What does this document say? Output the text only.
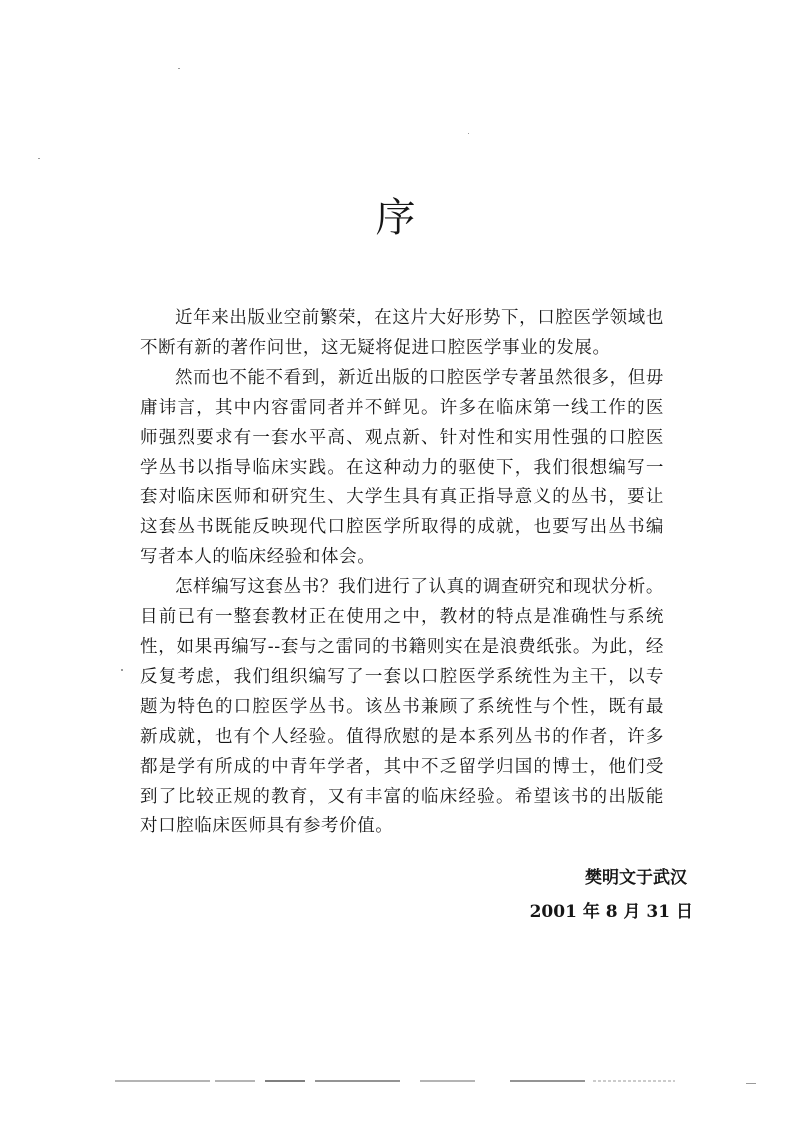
序

近年来出版业空前繁荣，在这片大好形势下，口腔医学领域也不断有新的著作问世，这无疑将促进口腔医学事业的发展。

然而也不能不看到，新近出版的口腔医学专著虽然很多，但毋庸讳言，其中内容雷同者并不鲜见。许多在临床第一线工作的医师强烈要求有一套水平高、观点新、针对性和实用性强的口腔医学丛书以指导临床实践。在这种动力的驱使下，我们很想编写一套对临床医师和研究生、大学生具有真正指导意义的丛书，要让这套丛书既能反映现代口腔医学所取得的成就，也要写出丛书编写者本人的临床经验和体会。

怎样编写这套丛书？我们进行了认真的调查研究和现状分析。目前已有一整套教材正在使用之中，教材的特点是准确性与系统性，如果再编写--套与之雷同的书籍则实在是浪费纸张。为此，经反复考虑，我们组织编写了一套以口腔医学系统性为主干，以专题为特色的口腔医学丛书。该丛书兼顾了系统性与个性，既有最新成就，也有个人经验。值得欣慰的是本系列丛书的作者，许多都是学有所成的中青年学者，其中不乏留学归国的博士，他们受到了比较正规的教育，又有丰富的临床经验。希望该书的出版能对口腔临床医师具有参考价值。

樊明文于武汉
2001 年 8 月 31 日
